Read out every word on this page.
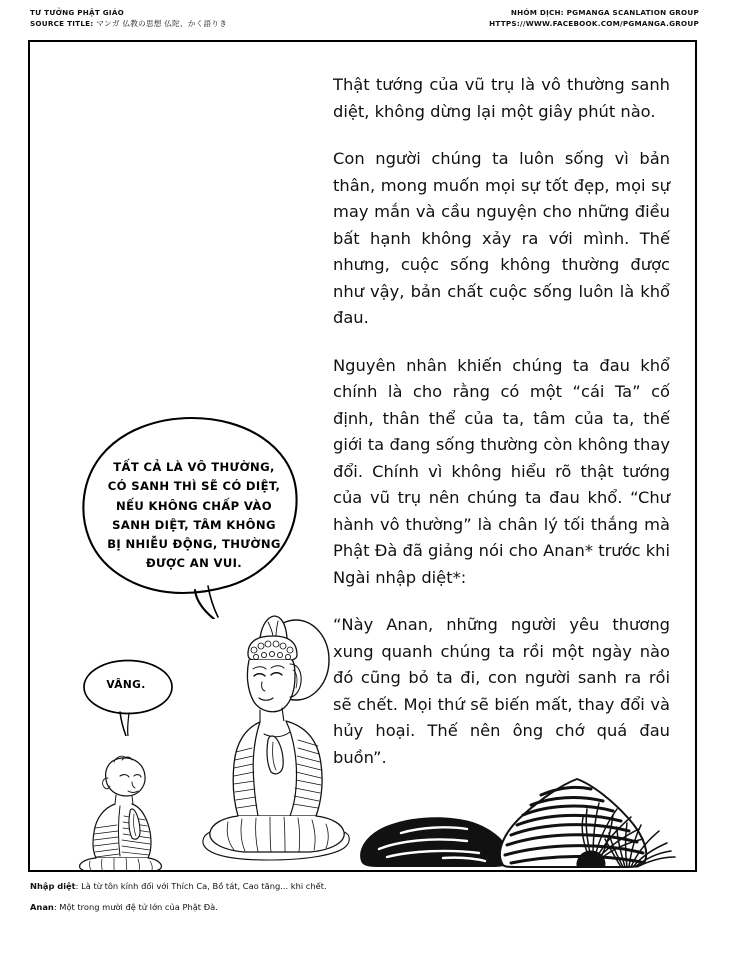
TƯ TƯỞNG PHẬT GIÁO
SOURCE TITLE: マンガ 仏教の思想 仏陀、かく語りき
NHÓM DỊCH: PGMANGA SCANLATION GROUP
HTTPS://WWW.FACEBOOK.COM/PGMANGA.GROUP

Thật tướng của vũ trụ là vô thường sanh diệt, không dừng lại một giây phút nào.

Con người chúng ta luôn sống vì bản thân, mong muốn mọi sự tốt đẹp, mọi sự may mắn và cầu nguyện cho những điều bất hạnh không xảy ra với mình. Thế nhưng, cuộc sống không thường được như vậy, bản chất cuộc sống luôn là khổ đau.

Nguyên nhân khiến chúng ta đau khổ chính là cho rằng có một “cái Ta” cố định, thân thể của ta, tâm của ta, thế giới ta đang sống thường còn không thay đổi. Chính vì không hiểu rõ thật tướng của vũ trụ nên chúng ta đau khổ. “Chư hành vô thường” là chân lý tối thắng mà Phật Đà đã giảng nói cho Anan* trước khi Ngài nhập diệt*:

“Này Anan, những người yêu thương xung quanh chúng ta rồi một ngày nào đó cũng bỏ ta đi, con người sanh ra rồi sẽ chết. Mọi thứ sẽ biến mất, thay đổi và hủy hoại. Thế nên ông chớ quá đau buồn”.

TẤT CẢ LÀ VÔ THƯỜNG,
CÓ SANH THÌ SẼ CÓ DIỆT,
NẾU KHÔNG CHẤP VÀO
SANH DIỆT, TÂM KHÔNG
BỊ NHIỄU ĐỘNG, THƯỜNG
ĐƯỢC AN VUI.
VÂNG.
Nhập diệt: Là từ tôn kính đối với Thích Ca, Bồ tát, Cao tăng... khi chết.
Anan: Một trong mười đệ tử lớn của Phật Đà.
